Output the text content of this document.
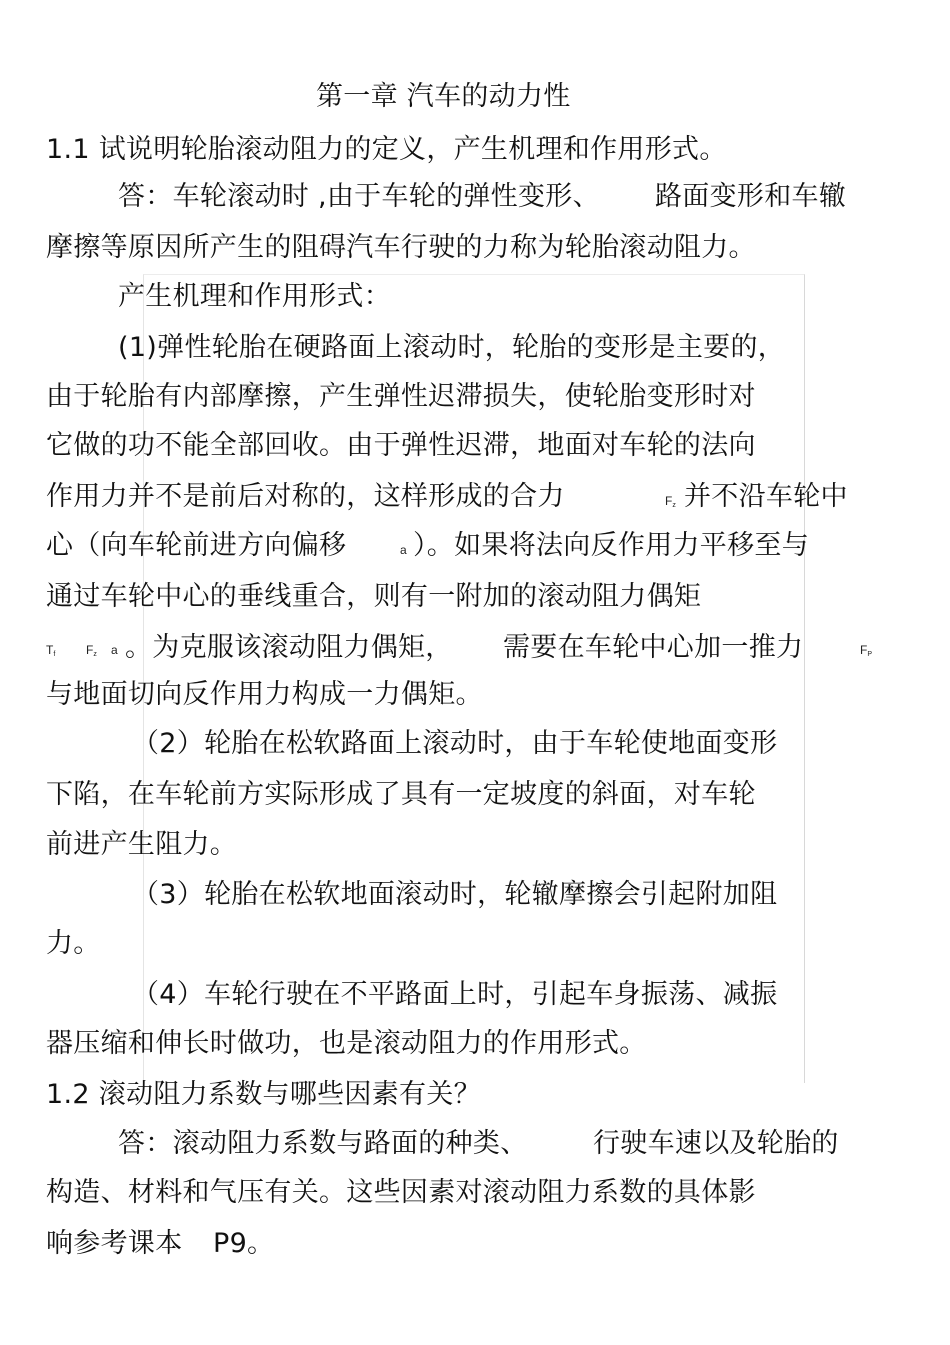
第一章 汽车的动力性
1.1 试说明轮胎滚动阻力的定义，产生机理和作用形式。
答：车轮滚动时 ,由于车轮的弹性变形、 路面变形和车辙
摩擦等原因所产生的阻碍汽车行驶的力称为轮胎滚动阻力。
产生机理和作用形式：
(1)弹性轮胎在硬路面上滚动时，轮胎的变形是主要的，
由于轮胎有内部摩擦，产生弹性迟滞损失，使轮胎变形时对
它做的功不能全部回收。由于弹性迟滞，地面对车轮的法向
作用力并不是前后对称的，这样形成的合力	Fz 并不沿车轮中
心（向车轮前进方向偏移	a ）。如果将法向反作用力平移至与
通过车轮中心的垂线重合，则有一附加的滚动阻力偶矩
Tf	Fz a 。为克服该滚动阻力偶矩， 需要在车轮中心加一推力	FP
与地面切向反作用力构成一力偶矩。
（2）轮胎在松软路面上滚动时，由于车轮使地面变形
下陷，在车轮前方实际形成了具有一定坡度的斜面，对车轮
前进产生阻力。
（3）轮胎在松软地面滚动时，轮辙摩擦会引起附加阻
力。
（4）车轮行驶在不平路面上时，引起车身振荡、减振
器压缩和伸长时做功，也是滚动阻力的作用形式。
1.2 滚动阻力系数与哪些因素有关？
答：滚动阻力系数与路面的种类、 行驶车速以及轮胎的
构造、材料和气压有关。这些因素对滚动阻力系数的具体影
响参考课本 P9。
